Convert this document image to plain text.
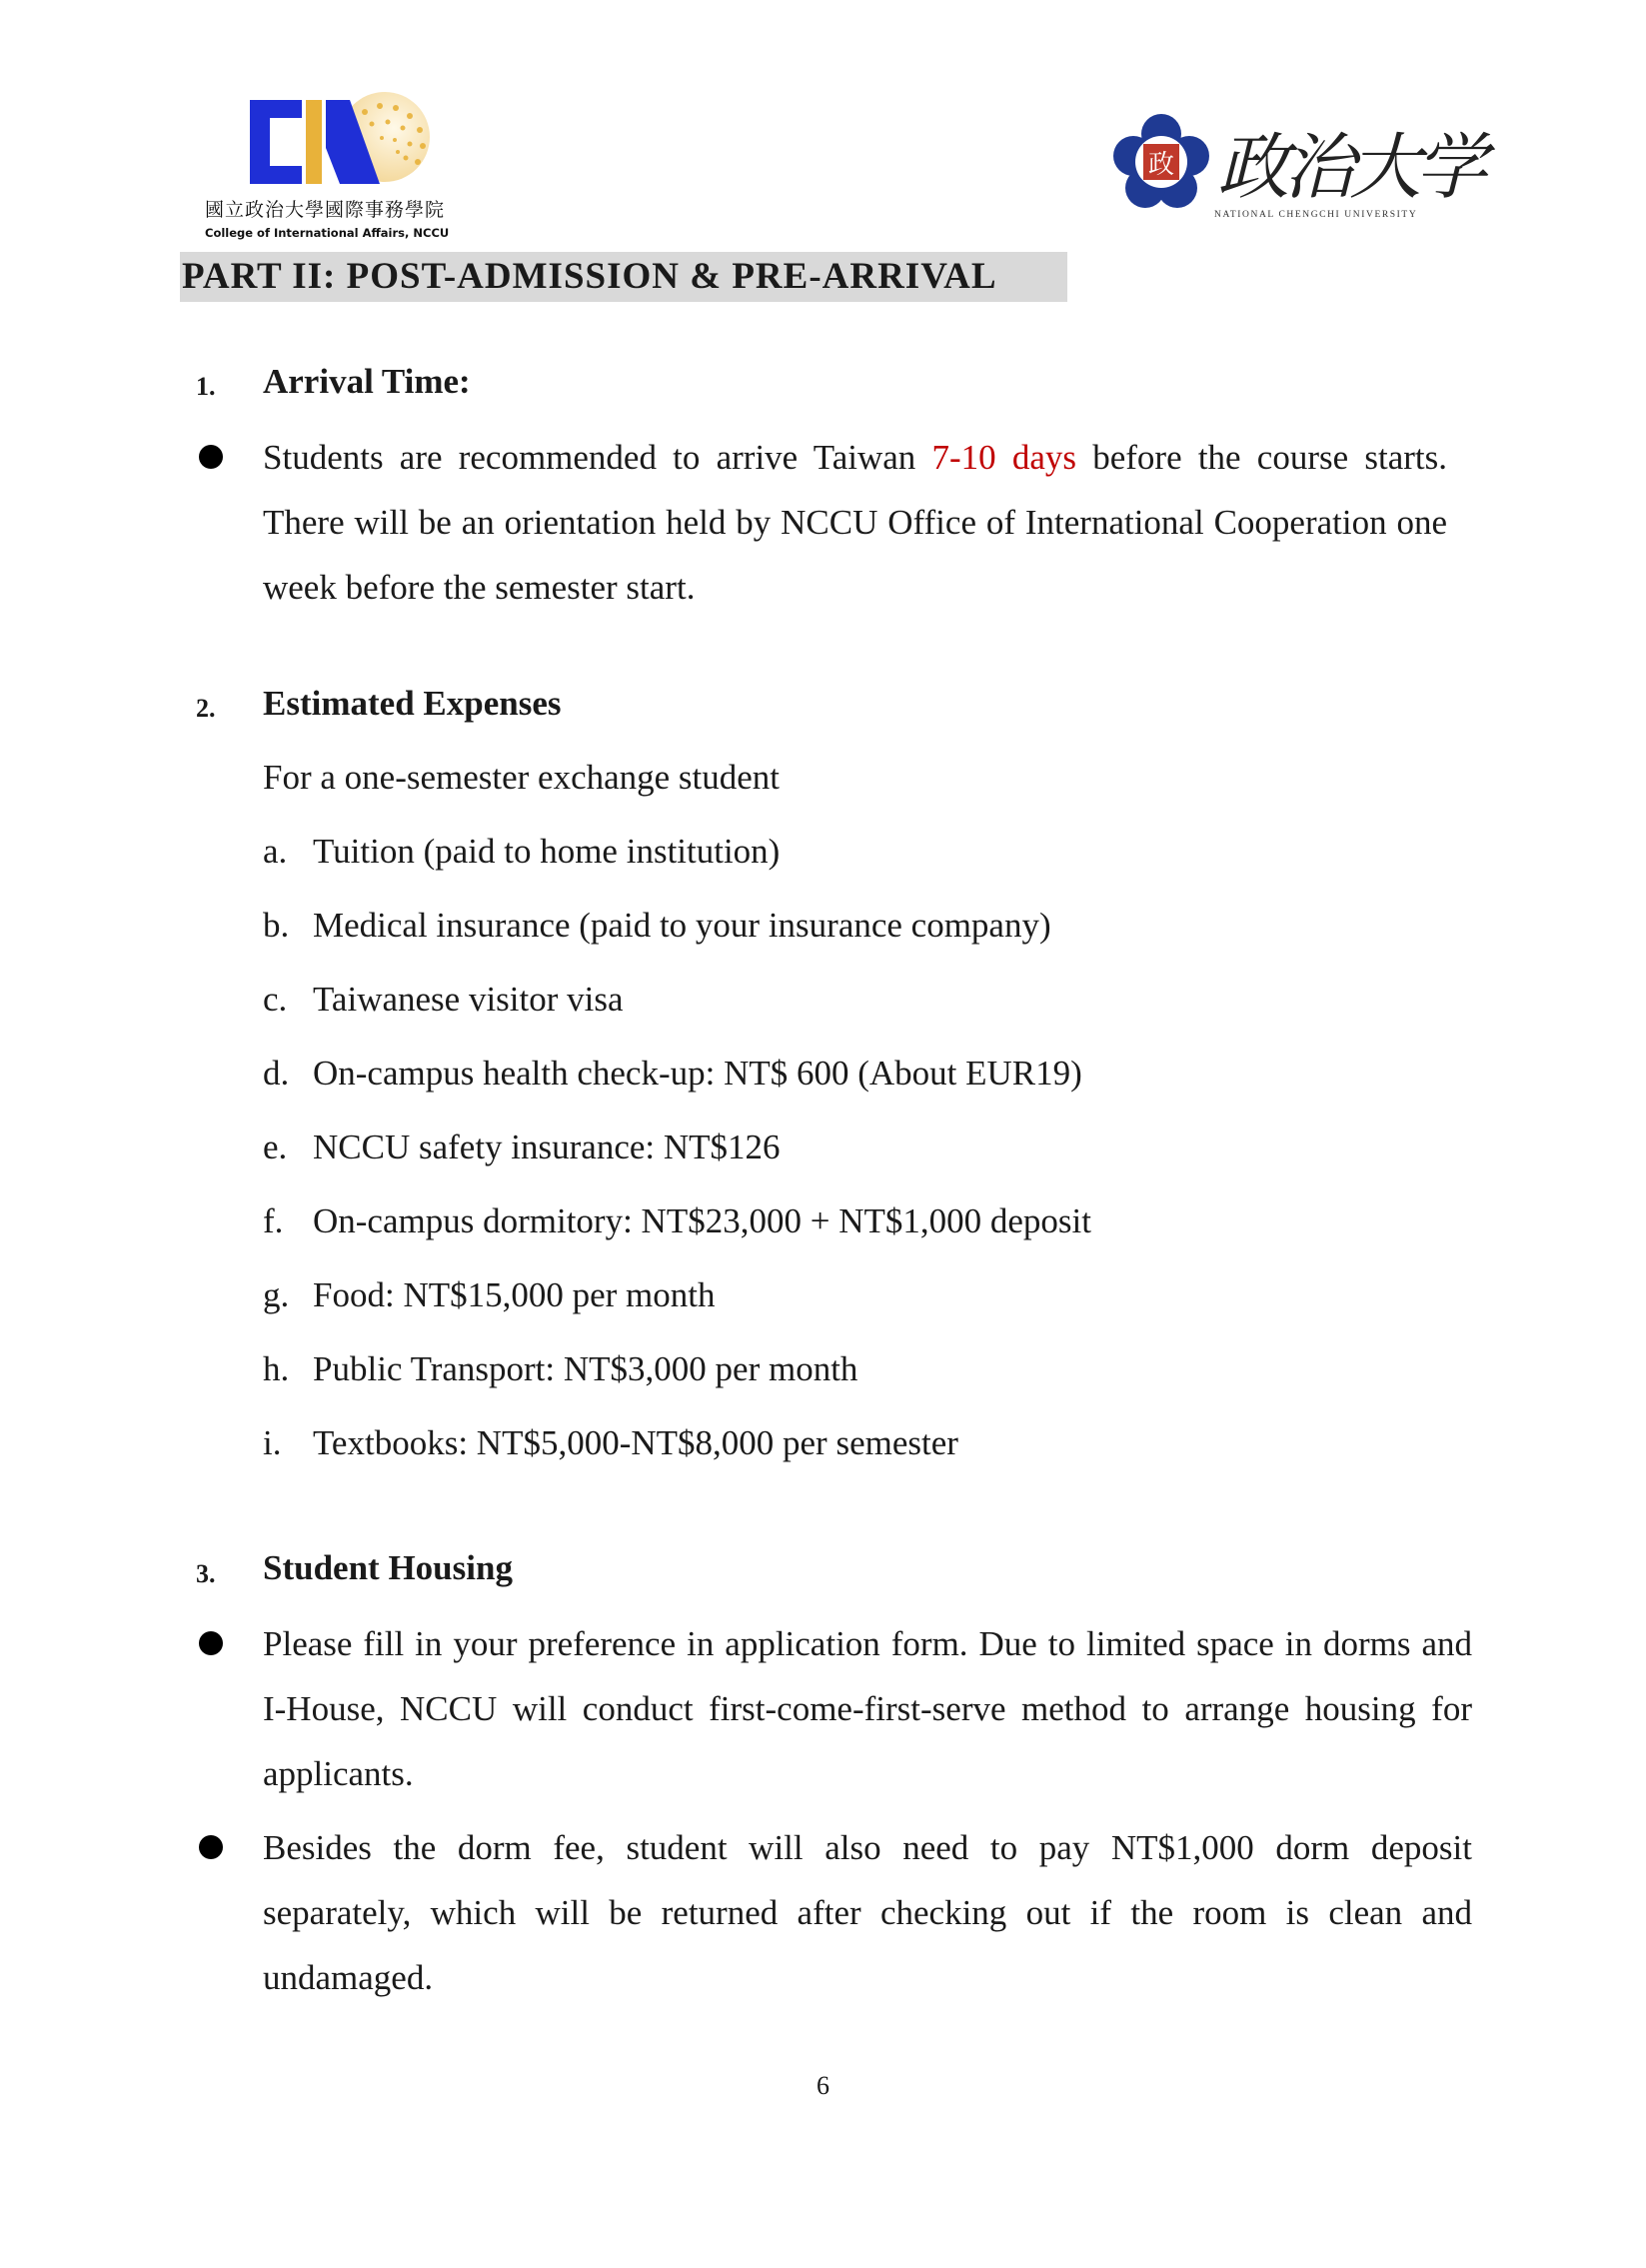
國立政治大學國際事務學院
College of International Affairs, NCCU
政 政治大学
NATIONAL CHENGCHI UNIVERSITY
PART II: POST-ADMISSION & PRE-ARRIVAL
1. Arrival Time:
Students are recommended to arrive Taiwan 7-10 days before the course starts. There will be an orientation held by NCCU Office of International Cooperation one week before the semester start.
2. Estimated Expenses
For a one-semester exchange student
a. Tuition (paid to home institution)
b. Medical insurance (paid to your insurance company)
c. Taiwanese visitor visa
d. On-campus health check-up: NT$ 600 (About EUR19)
e. NCCU safety insurance: NT$126
f. On-campus dormitory: NT$23,000 + NT$1,000 deposit
g. Food: NT$15,000 per month
h. Public Transport: NT$3,000 per month
i. Textbooks: NT$5,000-NT$8,000 per semester
3. Student Housing
Please fill in your preference in application form. Due to limited space in dorms and I-House, NCCU will conduct first-come-first-serve method to arrange housing for applicants.
Besides the dorm fee, student will also need to pay NT$1,000 dorm deposit separately, which will be returned after checking out if the room is clean and undamaged.
6
